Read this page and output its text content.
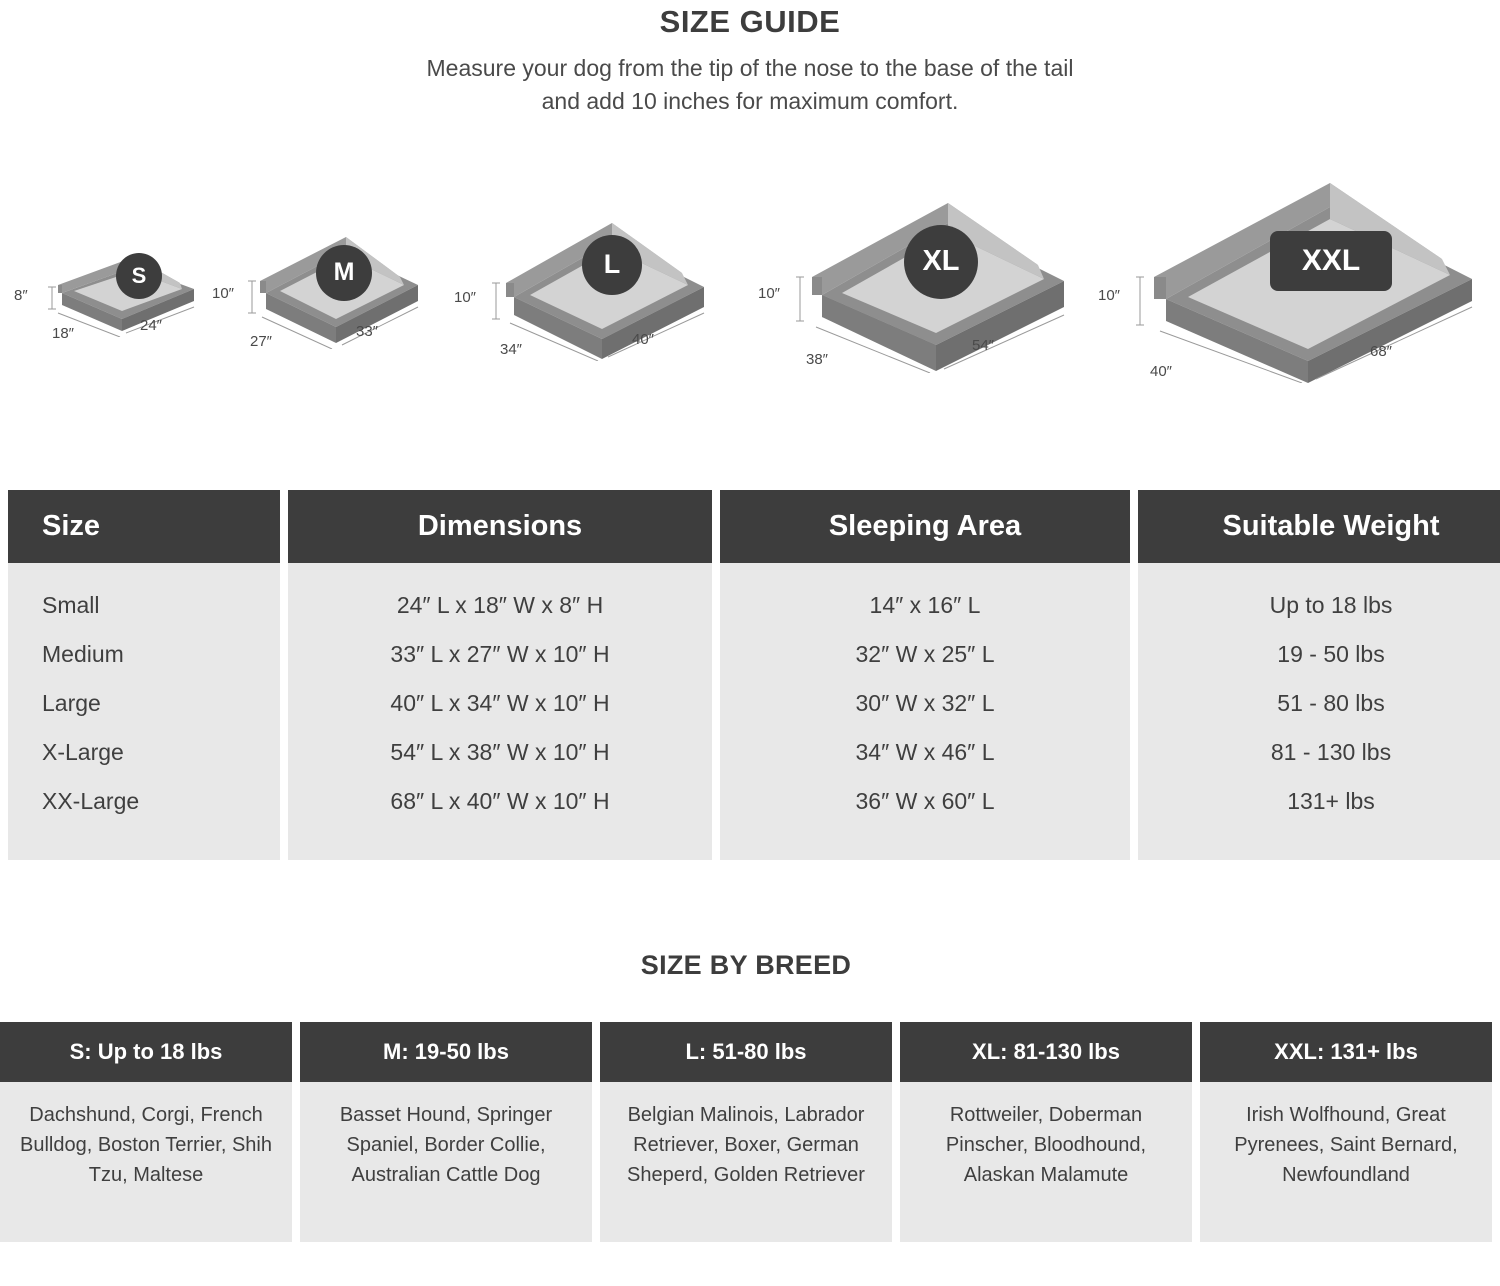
SIZE GUIDE

Measure your dog from the tip of the nose to the base of the tail

and add 10 inches for maximum comfort.

S
8″
18″	24″
M
10″
27″
33″
L
10″
34″
40″
XL
10″
38″
54″
XXL
10″
40″
68″
Size	Dimensions	Sleeping Area	Suitable Weight

Small	24″ L x 18″ W x 8″ H	14″ x 16″ L	Up to 18 lbs
Medium	33″ L x 27″ W x 10″ H	32″ W x 25″ L	19 - 50 lbs
Large	40″ L x 34″ W x 10″ H	30″ W x 32″ L	51 - 80 lbs
X-Large	54″ L x 38″ W x 10″ H	34″ W x 46″ L	81 - 130 lbs
XX-Large	68″ L x 40″ W x 10″ H	36″ W x 60″ L	131+ lbs

SIZE BY BREED
S: Up to 18 lbs
Dachshund, Corgi, French Bulldog, Boston Terrier, Shih Tzu, Maltese
M: 19-50 lbs
Basset Hound, Springer Spaniel, Border Collie, Australian Cattle Dog
L: 51-80 lbs
Belgian Malinois, Labrador Retriever, Boxer, German Sheperd, Golden Retriever
XL: 81-130 lbs
Rottweiler, Doberman Pinscher, Bloodhound, Alaskan Malamute
XXL: 131+ lbs
Irish Wolfhound, Great Pyrenees, Saint Bernard, Newfoundland
